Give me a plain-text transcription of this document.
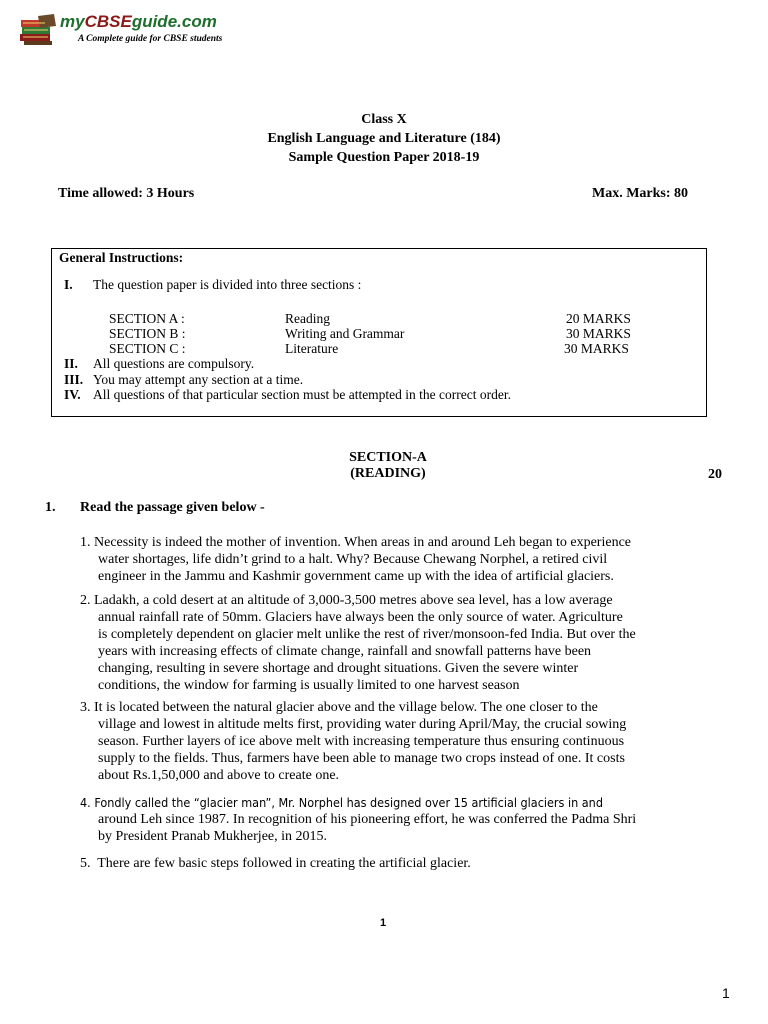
myCBSEguide.com
A Complete guide for CBSE students
Class X
English Language and Literature (184)
Sample Question Paper 2018-19
Time allowed: 3 Hours	Max. Marks: 80
General Instructions:
I. The question paper is divided into three sections :
SECTION A :	Reading	20 MARKS
SECTION B :	Writing and Grammar	30 MARKS
SECTION C :	Literature	30 MARKS
II. All questions are compulsory.
III. You may attempt any section at a time.
IV. All questions of that particular section must be attempted in the correct order.
SECTION-A
(READING)	20
1. Read the passage given below -
1. Necessity is indeed the mother of invention. When areas in and around Leh began to experience
water shortages, life didn’t grind to a halt. Why? Because Chewang Norphel, a retired civil
engineer in the Jammu and Kashmir government came up with the idea of artificial glaciers.
2. Ladakh, a cold desert at an altitude of 3,000-3,500 metres above sea level, has a low average
annual rainfall rate of 50mm. Glaciers have always been the only source of water. Agriculture
is completely dependent on glacier melt unlike the rest of river/monsoon-fed India. But over the
years with increasing effects of climate change, rainfall and snowfall patterns have been
changing, resulting in severe shortage and drought situations. Given the severe winter
conditions, the window for farming is usually limited to one harvest season
3. It is located between the natural glacier above and the village below. The one closer to the
village and lowest in altitude melts first, providing water during April/May, the crucial sowing
season. Further layers of ice above melt with increasing temperature thus ensuring continuous
supply to the fields. Thus, farmers have been able to manage two crops instead of one. It costs
about Rs.1,50,000 and above to create one.
4. Fondly called the “glacier man”, Mr. Norphel has designed over 15 artificial glaciers in and
around Leh since 1987. In recognition of his pioneering effort, he was conferred the Padma Shri
by President Pranab Mukherjee, in 2015.
5. There are few basic steps followed in creating the artificial glacier.
1
1
